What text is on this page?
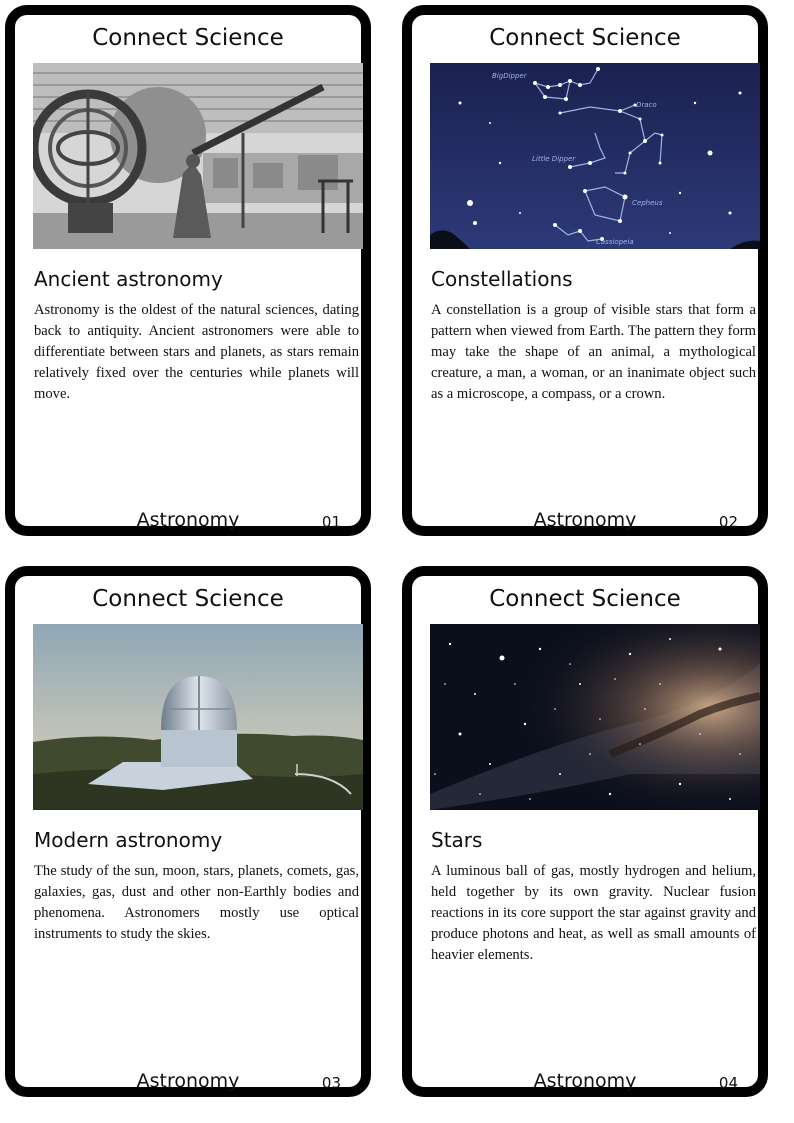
Connect Science
Ancient astronomy
Astronomy is the oldest of the natural sciences, dating back to antiquity. Ancient astronomers were able to differentiate between stars and planets, as stars remain relatively fixed over the centuries while planets will move.
Astronomy	01
Connect Science
BigDipper
Draco
Little Dipper
Cepheus
Cassiopeia
Constellations
A constellation is a group of visible stars that form a pattern when viewed from Earth. The pattern they form may take the shape of an animal, a mythological creature, a man, a woman, or an inanimate object such as a microscope, a compass, or a crown.
Astronomy	02
Connect Science
Modern astronomy
The study of the sun, moon, stars, planets, comets, gas, galaxies, gas, dust and other non-Earthly bodies and phenomena. Astronomers mostly use optical instruments to study the skies.
Astronomy	03
Connect Science
Stars
A luminous ball of gas, mostly hydrogen and helium, held together by its own gravity. Nuclear fusion reactions in its core support the star against gravity and produce photons and heat, as well as small amounts of heavier elements.
Astronomy	04
